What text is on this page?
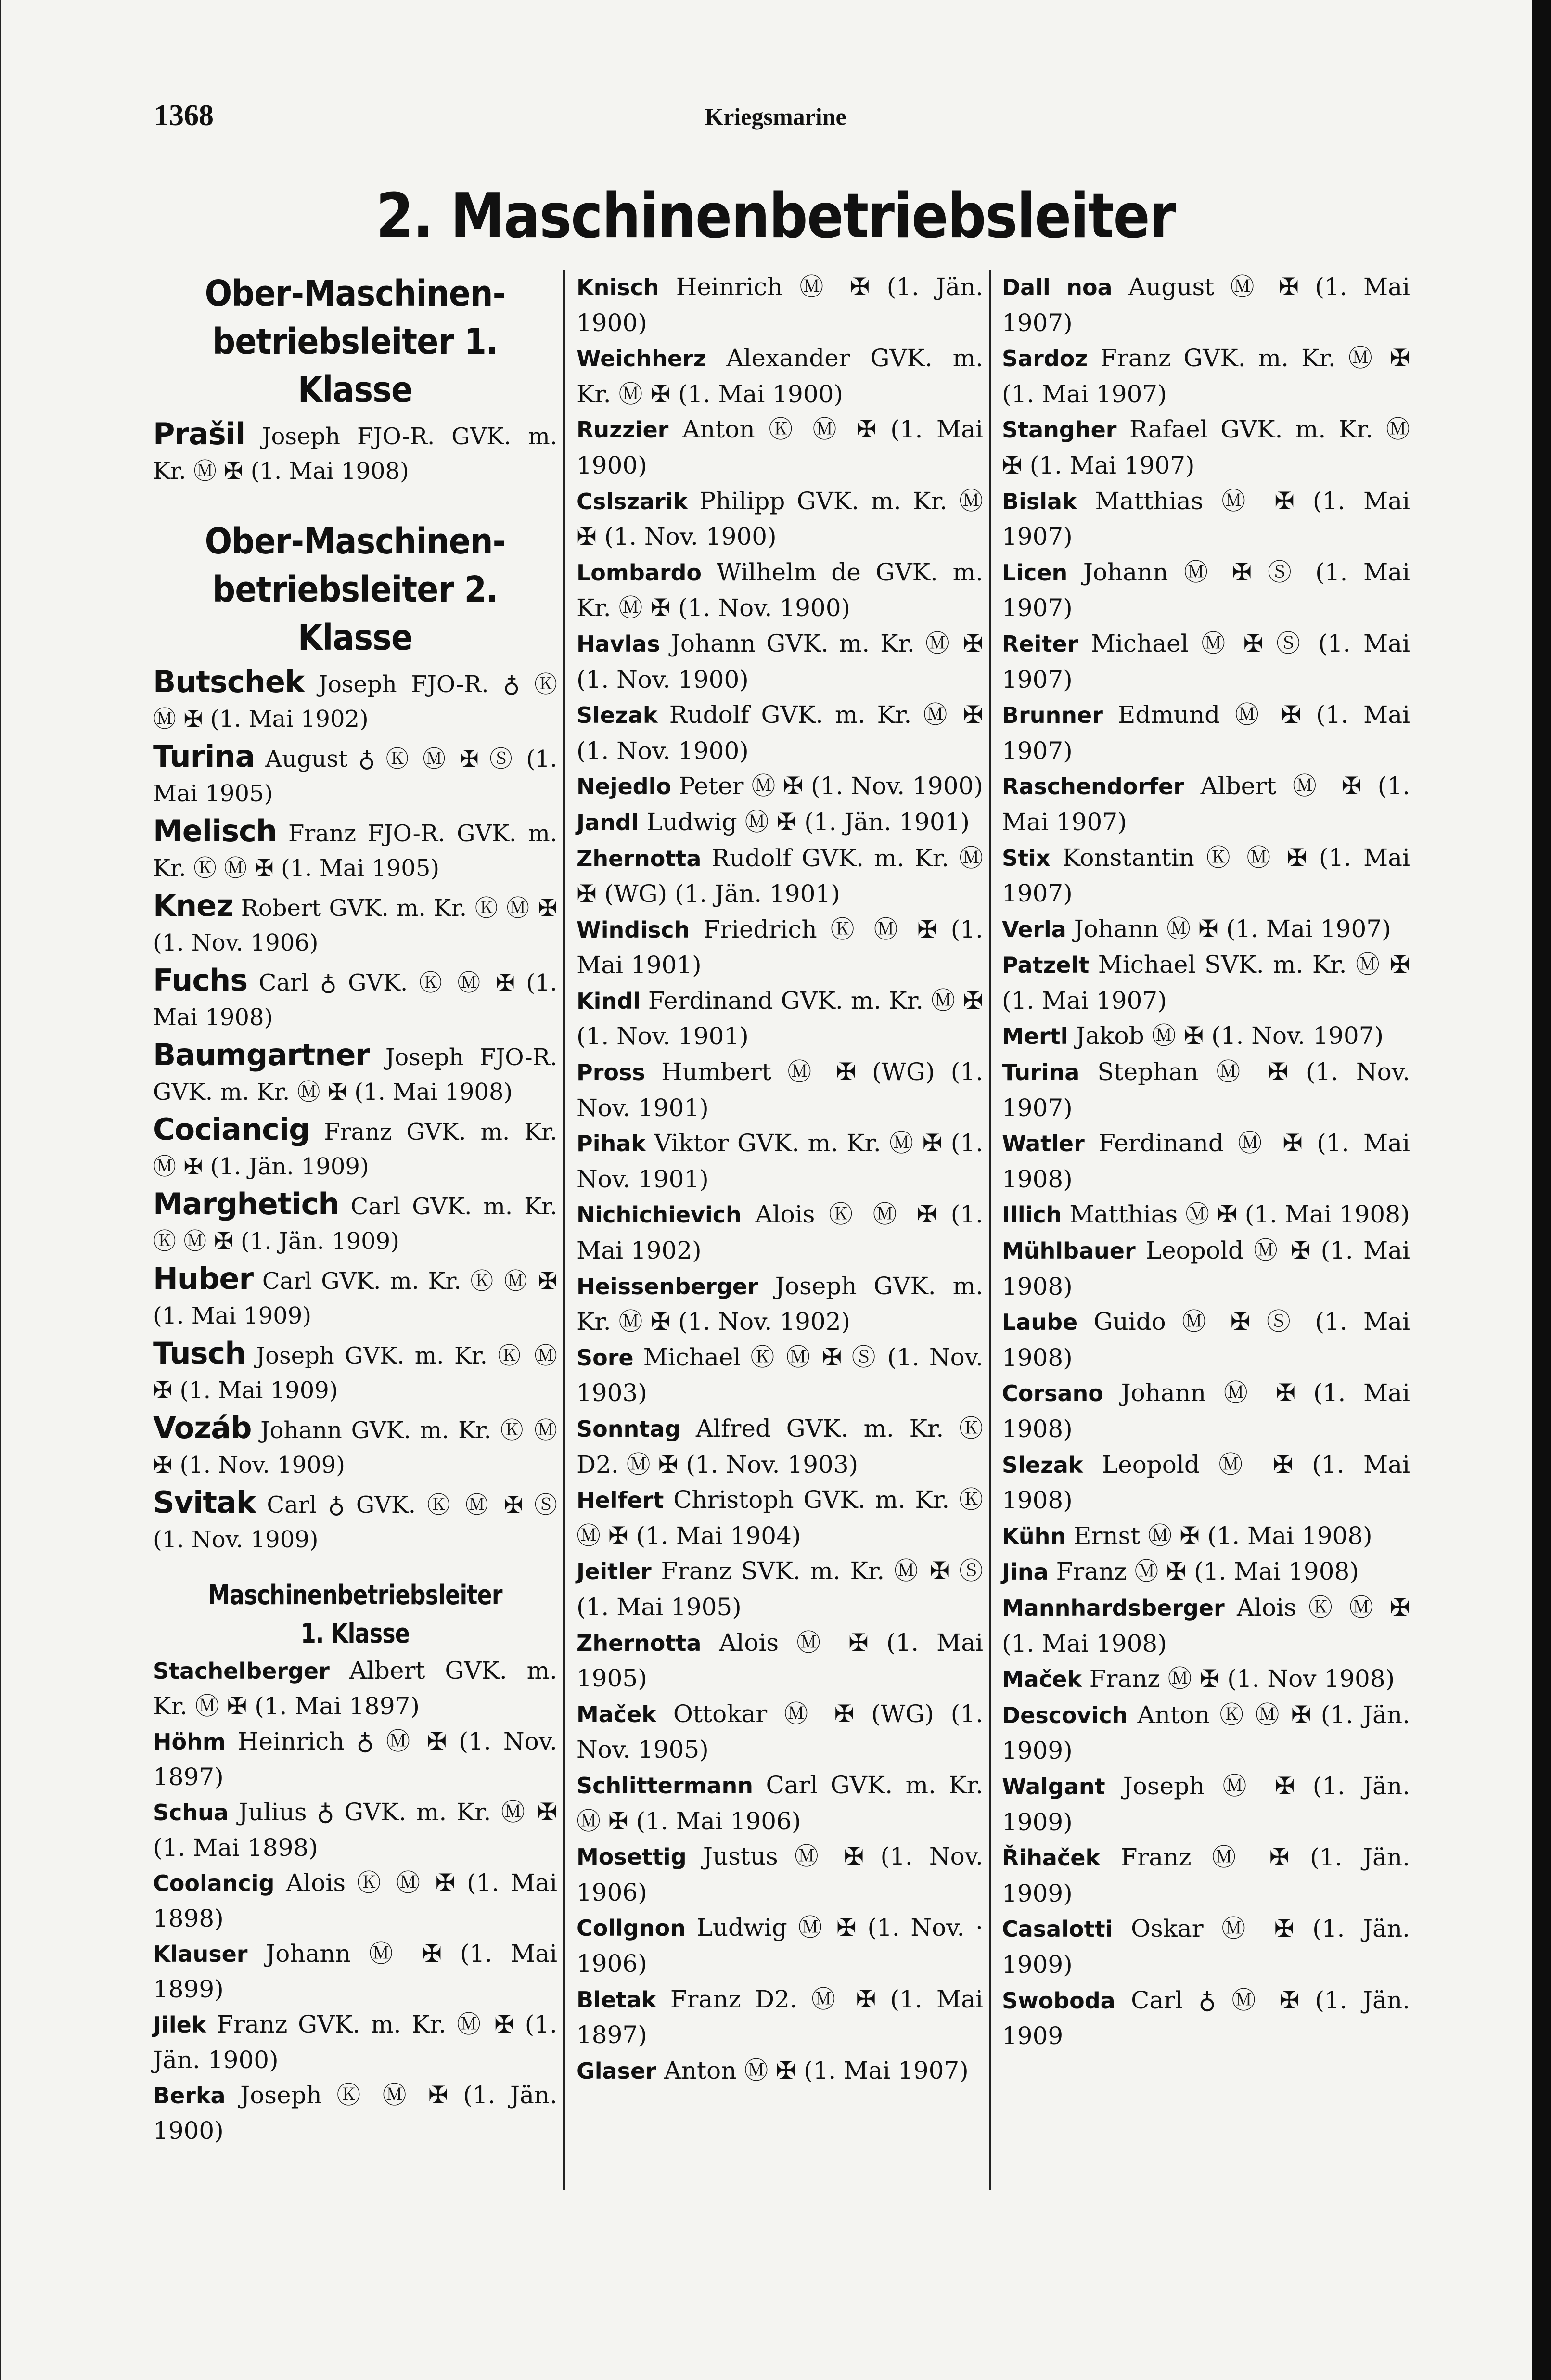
1368	Kriegsmarine
2. Maschinenbetriebsleiter
Ober-Maschinen-
betriebsleiter 1. Klasse
Prašil Joseph FJO-R. GVK. m. Kr. Ⓜ ✠ (1. Mai 1908)
Ober-Maschinen-
betriebsleiter 2. Klasse
Butschek Joseph FJO-R. ♁ Ⓚ Ⓜ ✠ (1. Mai 1902)
Turina August ♁ Ⓚ Ⓜ ✠ Ⓢ (1. Mai 1905)
Melisch Franz FJO-R. GVK. m. Kr. Ⓚ Ⓜ ✠ (1. Mai 1905)
Knez Robert GVK. m. Kr. Ⓚ Ⓜ ✠ (1. Nov. 1906)
Fuchs Carl ♁ GVK. Ⓚ Ⓜ ✠ (1. Mai 1908)
Baumgartner Joseph FJO-R. GVK. m. Kr. Ⓜ ✠ (1. Mai 1908)
Cociancig Franz GVK. m. Kr. Ⓜ ✠ (1. Jän. 1909)
Marghetich Carl GVK. m. Kr. Ⓚ Ⓜ ✠ (1. Jän. 1909)
Huber Carl GVK. m. Kr. Ⓚ Ⓜ ✠ (1. Mai 1909)
Tusch Joseph GVK. m. Kr. Ⓚ Ⓜ ✠ (1. Mai 1909)
Vozáb Johann GVK. m. Kr. Ⓚ Ⓜ ✠ (1. Nov. 1909)
Svitak Carl ♁ GVK. Ⓚ Ⓜ ✠ Ⓢ (1. Nov. 1909)
Maschinenbetriebsleiter
1. Klasse
Stachelberger Albert GVK. m. Kr. Ⓜ ✠ (1. Mai 1897)
Höhm Heinrich ♁ Ⓜ ✠ (1. Nov. 1897)
Schua Julius ♁ GVK. m. Kr. Ⓜ ✠ (1. Mai 1898)
Coolancig Alois Ⓚ Ⓜ ✠ (1. Mai 1898)
Klauser Johann Ⓜ ✠ (1. Mai 1899)
Jilek Franz GVK. m. Kr. Ⓜ ✠ (1. Jän. 1900)
Berka Joseph Ⓚ Ⓜ ✠ (1. Jän. 1900)
Knisch Heinrich Ⓜ ✠ (1. Jän. 1900)
Weichherz Alexander GVK. m. Kr. Ⓜ ✠ (1. Mai 1900)
Ruzzier Anton Ⓚ Ⓜ ✠ (1. Mai 1900)
Cslszarik Philipp GVK. m. Kr. Ⓜ ✠ (1. Nov. 1900)
Lombardo Wilhelm de GVK. m. Kr. Ⓜ ✠ (1. Nov. 1900)
Havlas Johann GVK. m. Kr. Ⓜ ✠ (1. Nov. 1900)
Slezak Rudolf GVK. m. Kr. Ⓜ ✠ (1. Nov. 1900)
Nejedlo Peter Ⓜ ✠ (1. Nov. 1900)
Jandl Ludwig Ⓜ ✠ (1. Jän. 1901)
Zhernotta Rudolf GVK. m. Kr. Ⓜ ✠ (WG) (1. Jän. 1901)
Windisch Friedrich Ⓚ Ⓜ ✠ (1. Mai 1901)
Kindl Ferdinand GVK. m. Kr. Ⓜ ✠ (1. Nov. 1901)
Pross Humbert Ⓜ ✠ (WG) (1. Nov. 1901)
Pihak Viktor GVK. m. Kr. Ⓜ ✠ (1. Nov. 1901)
Nichichievich Alois Ⓚ Ⓜ ✠ (1. Mai 1902)
Heissenberger Joseph GVK. m. Kr. Ⓜ ✠ (1. Nov. 1902)
Sore Michael Ⓚ Ⓜ ✠ Ⓢ (1. Nov. 1903)
Sonntag Alfred GVK. m. Kr. Ⓚ D2. Ⓜ ✠ (1. Nov. 1903)
Helfert Christoph GVK. m. Kr. Ⓚ Ⓜ ✠ (1. Mai 1904)
Jeitler Franz SVK. m. Kr. Ⓜ ✠ Ⓢ (1. Mai 1905)
Zhernotta Alois Ⓜ ✠ (1. Mai 1905)
Maček Ottokar Ⓜ ✠ (WG) (1. Nov. 1905)
Schlittermann Carl GVK. m. Kr. Ⓜ ✠ (1. Mai 1906)
Mosettig Justus Ⓜ ✠ (1. Nov. 1906)
Collgnon Ludwig Ⓜ ✠ (1. Nov. · 1906)
Bletak Franz D2. Ⓜ ✠ (1. Mai 1897)
Glaser Anton Ⓜ ✠ (1. Mai 1907)
Dall noa August Ⓜ ✠ (1. Mai 1907)
Sardoz Franz GVK. m. Kr. Ⓜ ✠ (1. Mai 1907)
Stangher Rafael GVK. m. Kr. Ⓜ ✠ (1. Mai 1907)
Bislak Matthias Ⓜ ✠ (1. Mai 1907)
Licen Johann Ⓜ ✠ Ⓢ (1. Mai 1907)
Reiter Michael Ⓜ ✠ Ⓢ (1. Mai 1907)
Brunner Edmund Ⓜ ✠ (1. Mai 1907)
Raschendorfer Albert Ⓜ ✠ (1. Mai 1907)
Stix Konstantin Ⓚ Ⓜ ✠ (1. Mai 1907)
Verla Johann Ⓜ ✠ (1. Mai 1907)
Patzelt Michael SVK. m. Kr. Ⓜ ✠ (1. Mai 1907)
Mertl Jakob Ⓜ ✠ (1. Nov. 1907)
Turina Stephan Ⓜ ✠ (1. Nov. 1907)
Watler Ferdinand Ⓜ ✠ (1. Mai 1908)
Illich Matthias Ⓜ ✠ (1. Mai 1908)
Mühlbauer Leopold Ⓜ ✠ (1. Mai 1908)
Laube Guido Ⓜ ✠ Ⓢ (1. Mai 1908)
Corsano Johann Ⓜ ✠ (1. Mai 1908)
Slezak Leopold Ⓜ ✠ (1. Mai 1908)
Kühn Ernst Ⓜ ✠ (1. Mai 1908)
Jina Franz Ⓜ ✠ (1. Mai 1908)
Mannhardsberger Alois Ⓚ Ⓜ ✠ (1. Mai 1908)
Maček Franz Ⓜ ✠ (1. Nov 1908)
Descovich Anton Ⓚ Ⓜ ✠ (1. Jän. 1909)
Walgant Joseph Ⓜ ✠ (1. Jän. 1909)
Řihaček Franz Ⓜ ✠ (1. Jän. 1909)
Casalotti Oskar Ⓜ ✠ (1. Jän. 1909)
Swoboda Carl ♁ Ⓜ ✠ (1. Jän. 1909
